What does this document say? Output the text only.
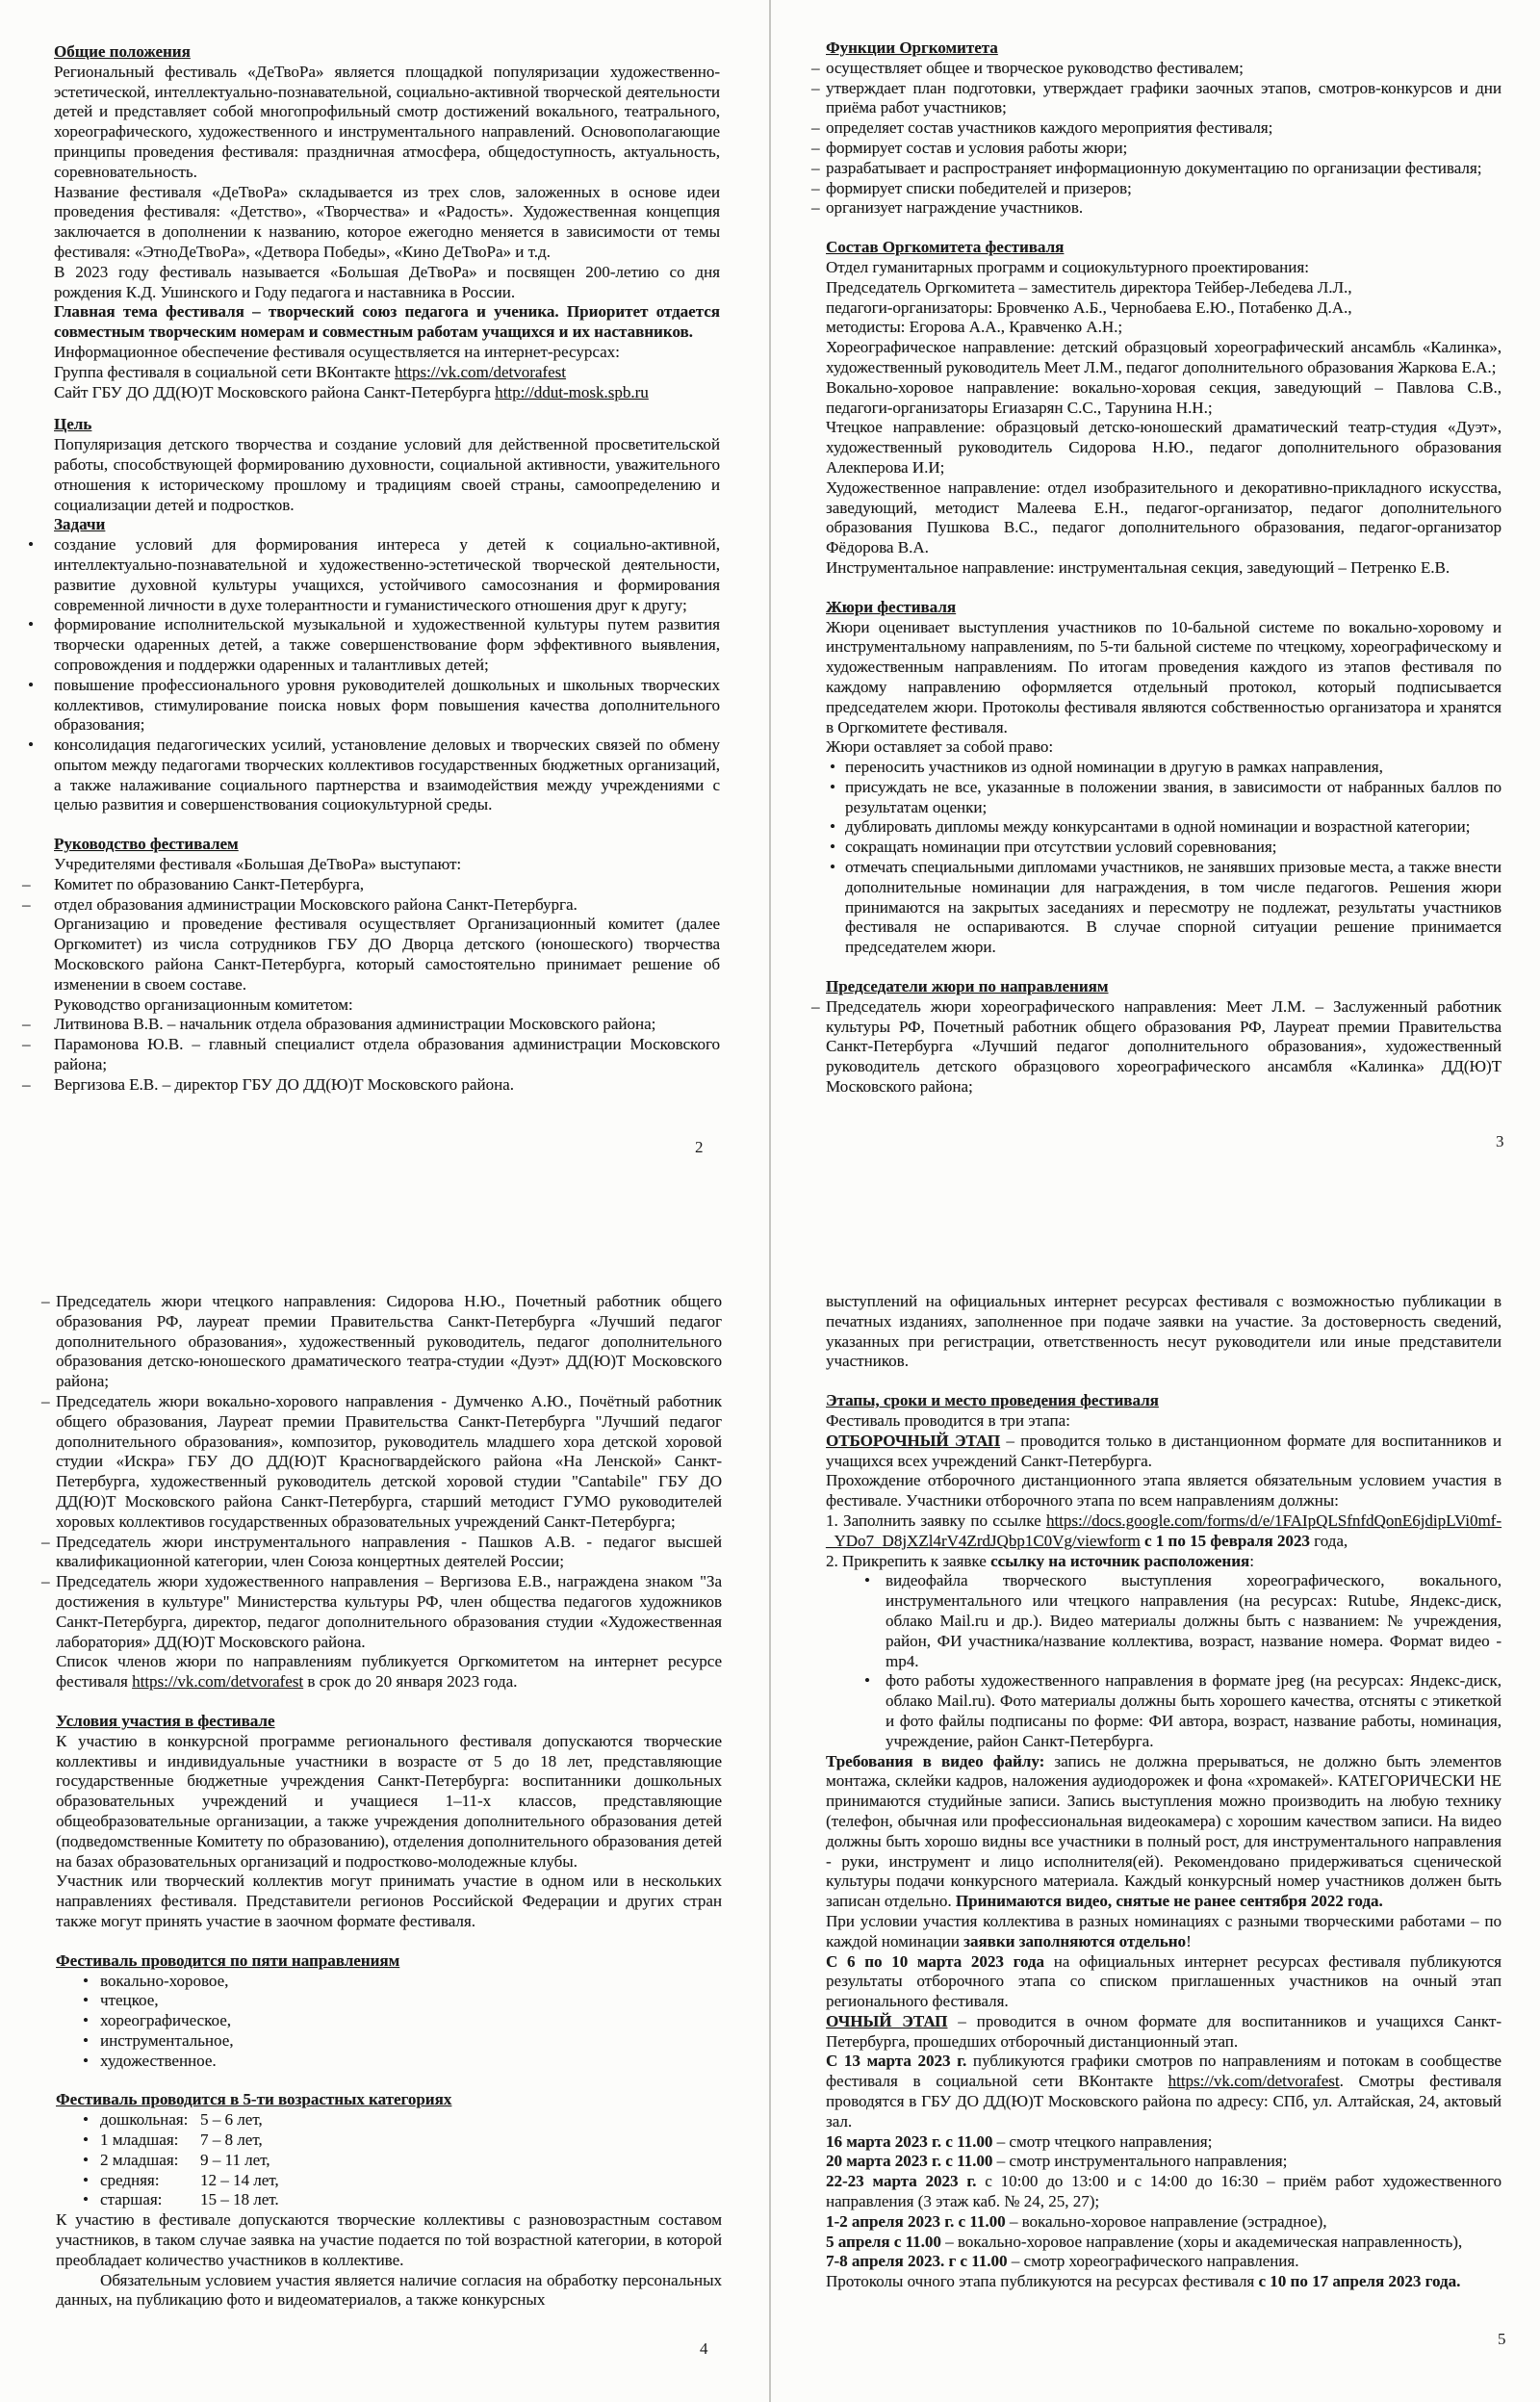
Общие положения

Региональный фестиваль «ДеТвоРа» является площадкой популяризации художественно-эстетической, интеллектуально-познавательной, социально-активной творческой деятельности детей и представляет собой многопрофильный смотр достижений вокального, театрального, хореографического, художественного и инструментального направлений. Основополагающие принципы проведения фестиваля: праздничная атмосфера, общедоступность, актуальность, соревновательность.

Название фестиваля «ДеТвоРа» складывается из трех слов, заложенных в основе идеи проведения фестиваля: «Детство», «Творчества» и «Радость». Художественная концепция заключается в дополнении к названию, которое ежегодно меняется в зависимости от темы фестиваля: «ЭтноДеТвоРа», «Детвора Победы», «Кино ДеТвоРа» и т.д.

В 2023 году фестиваль называется «Большая ДеТвоРа» и посвящен 200-летию со дня рождения К.Д. Ушинского и Году педагога и наставника в России.

Главная тема фестиваля – творческий союз педагога и ученика. Приоритет отдается совместным творческим номерам и совместным работам учащихся и их наставников.

Информационное обеспечение фестиваля осуществляется на интернет-ресурсах:

Группа фестиваля в социальной сети ВКонтакте https://vk.com/detvorafest

Сайт ГБУ ДО ДД(Ю)Т Московского района Санкт-Петербурга http://ddut-mosk.spb.ru

Цель

Популяризация детского творчества и создание условий для действенной просветительской работы, способствующей формированию духовности, социальной активности, уважительного отношения к историческому прошлому и традициям своей страны, самоопределению и социализации детей и подростков.

Задачи
• создание условий для формирования интереса у детей к социально-активной, интеллектуально-познавательной и художественно-эстетической творческой деятельности, развитие духовной культуры учащихся, устойчивого самосознания и формирования современной личности в духе толерантности и гуманистического отношения друг к другу;
• формирование исполнительской музыкальной и художественной культуры путем развития творчески одаренных детей, а также совершенствование форм эффективного выявления, сопровождения и поддержки одаренных и талантливых детей;
• повышение профессионального уровня руководителей дошкольных и школьных творческих коллективов, стимулирование поиска новых форм повышения качества дополнительного образования;
• консолидация педагогических усилий, установление деловых и творческих связей по обмену опытом между педагогами творческих коллективов государственных бюджетных организаций, а также налаживание социального партнерства и взаимодействия между учреждениями с целью развития и совершенствования социокультурной среды.
Руководство фестивалем

Учредителями фестиваля «Большая ДеТвоРа» выступают:

– Комитет по образованию Санкт-Петербурга,
– отдел образования администрации Московского района Санкт-Петербурга.

Организацию и проведение фестиваля осуществляет Организационный комитет (далее Оргкомитет) из числа сотрудников ГБУ ДО Дворца детского (юношеского) творчества Московского района Санкт-Петербурга, который самостоятельно принимает решение об изменении в своем составе.

Руководство организационным комитетом:

– Литвинова В.В. – начальник отдела образования администрации Московского района;
– Парамонова Ю.В. – главный специалист отдела образования администрации Московского района;
– Вергизова Е.В. – директор ГБУ ДО ДД(Ю)Т Московского района.
Функции Оргкомитета
– осуществляет общее и творческое руководство фестивалем;
– утверждает план подготовки, утверждает графики заочных этапов, смотров-конкурсов и дни приёма работ участников;
– определяет состав участников каждого мероприятия фестиваля;
– формирует состав и условия работы жюри;
– разрабатывает и распространяет информационную документацию по организации фестиваля;
– формирует списки победителей и призеров;
– организует награждение участников.
Состав Оргкомитета фестиваля

Отдел гуманитарных программ и социокультурного проектирования:

Председатель Оргкомитета – заместитель директора Тейбер-Лебедева Л.Л.,

педагоги-организаторы: Бровченко А.Б., Чернобаева Е.Ю., Потабенко Д.А.,

методисты: Егорова А.А., Кравченко А.Н.;

Хореографическое направление: детский образцовый хореографический ансамбль «Калинка», художественный руководитель Меет Л.М., педагог дополнительного образования Жаркова Е.А.;

Вокально-хоровое направление: вокально-хоровая секция, заведующий – Павлова С.В., педагоги-организаторы Егиазарян С.С., Тарунина Н.Н.;

Чтецкое направление: образцовый детско-юношеский драматический театр-студия «Дуэт», художественный руководитель Сидорова Н.Ю., педагог дополнительного образования Алекперова И.И;

Художественное направление: отдел изобразительного и декоративно-прикладного искусства, заведующий, методист Малеева Е.Н., педагог-организатор, педагог дополнительного образования Пушкова В.С., педагог дополнительного образования, педагог-организатор Фёдорова В.А.

Инструментальное направление: инструментальная секция, заведующий – Петренко Е.В.

Жюри фестиваля

Жюри оценивает выступления участников по 10-бальной системе по вокально-хоровому и инструментальному направлениям, по 5-ти бальной системе по чтецкому, хореографическому и художественным направлениям. По итогам проведения каждого из этапов фестиваля по каждому направлению оформляется отдельный протокол, который подписывается председателем жюри. Протоколы фестиваля являются собственностью организатора и хранятся в Оргкомитете фестиваля.

Жюри оставляет за собой право:

• переносить участников из одной номинации в другую в рамках направления,
• присуждать не все, указанные в положении звания, в зависимости от набранных баллов по результатам оценки;
• дублировать дипломы между конкурсантами в одной номинации и возрастной категории;
• сокращать номинации при отсутствии условий соревнования;
• отмечать специальными дипломами участников, не занявших призовые места, а также внести дополнительные номинации для награждения, в том числе педагогов. Решения жюри принимаются на закрытых заседаниях и пересмотру не подлежат, результаты участников фестиваля не оспариваются. В случае спорной ситуации решение принимается председателем жюри.
Председатели жюри по направлениям
– Председатель жюри хореографического направления: Меет Л.М. – Заслуженный работник культуры РФ, Почетный работник общего образования РФ, Лауреат премии Правительства Санкт-Петербурга «Лучший педагог дополнительного образования», художественный руководитель детского образцового хореографического ансамбля «Калинка» ДД(Ю)Т Московского района;
– Председатель жюри чтецкого направления: Сидорова Н.Ю., Почетный работник общего образования РФ, лауреат премии Правительства Санкт-Петербурга «Лучший педагог дополнительного образования», художественный руководитель, педагог дополнительного образования детско-юношеского драматического театра-студии «Дуэт» ДД(Ю)Т Московского района;
– Председатель жюри вокально-хорового направления - Думченко А.Ю., Почётный работник общего образования, Лауреат премии Правительства Санкт-Петербурга "Лучший педагог дополнительного образования», композитор, руководитель младшего хора детской хоровой студии «Искра» ГБУ ДО ДД(Ю)Т Красногвардейского района «На Ленской» Санкт-Петербурга, художественный руководитель детской хоровой студии "Cantabile" ГБУ ДО ДД(Ю)Т Московского района Санкт-Петербурга, старший методист ГУМО руководителей хоровых коллективов государственных образовательных учреждений Санкт-Петербурга;
– Председатель жюри инструментального направления - Пашков А.В. - педагог высшей квалификационной категории, член Союза концертных деятелей России;
– Председатель жюри художественного направления – Вергизова Е.В., награждена знаком "За достижения в культуре" Министерства культуры РФ, член общества педагогов художников Санкт-Петербурга, директор, педагог дополнительного образования студии «Художественная лаборатория» ДД(Ю)Т Московского района.

Список членов жюри по направлениям публикуется Оргкомитетом на интернет ресурсе фестиваля https://vk.com/detvorafest в срок до 20 января 2023 года.

Условия участия в фестивале

К участию в конкурсной программе регионального фестиваля допускаются творческие коллективы и индивидуальные участники в возрасте от 5 до 18 лет, представляющие государственные бюджетные учреждения Санкт-Петербурга: воспитанники дошкольных образовательных учреждений и учащиеся 1–11-х классов, представляющие общеобразовательные организации, а также учреждения дополнительного образования детей (подведомственные Комитету по образованию), отделения дополнительного образования детей на базах образовательных организаций и подростково-молодежные клубы.

Участник или творческий коллектив могут принимать участие в одном или в нескольких направлениях фестиваля. Представители регионов Российской Федерации и других стран также могут принять участие в заочном формате фестиваля.

Фестиваль проводится по пяти направлениям
• вокально-хоровое,
• чтецкое,
• хореографическое,
• инструментальное,
• художественное.
Фестиваль проводится в 5-ти возрастных категориях
• дошкольная: 5 – 6 лет,
• 1 младшая:	7 – 8 лет,
• 2 младшая:	9 – 11 лет,
• средняя:	12 – 14 лет,
• старшая:	15 – 18 лет.

К участию в фестивале допускаются творческие коллективы с разновозрастным составом участников, в таком случае заявка на участие подается по той возрастной категории, в которой преобладает количество участников в коллективе.

Обязательным условием участия является наличие согласия на обработку персональных данных, на публикацию фото и видеоматериалов, а также конкурсных

выступлений на официальных интернет ресурсах фестиваля с возможностью публикации в печатных изданиях, заполненное при подаче заявки на участие. За достоверность сведений, указанных при регистрации, ответственность несут руководители или иные представители участников.

Этапы, сроки и место проведения фестиваля

Фестиваль проводится в три этапа:

ОТБОРОЧНЫЙ ЭТАП – проводится только в дистанционном формате для воспитанников и учащихся всех учреждений Санкт-Петербурга.

Прохождение отборочного дистанционного этапа является обязательным условием участия в фестивале. Участники отборочного этапа по всем направлениям должны:

1. Заполнить заявку по ссылке https://docs.google.com/forms/d/e/1FAIpQLSfnfdQonE6jdipLVi0mf-_YDo7_D8jXZl4rV4ZrdJQbp1C0Vg/viewform с 1 по 15 февраля 2023 года,

2. Прикрепить к заявке ссылку на источник расположения:

• видеофайла творческого выступления хореографического, вокального, инструментального или чтецкого направления (на ресурсах: Rutube, Яндекс-диск, облако Mail.ru и др.). Видео материалы должны быть с названием: № учреждения, район, ФИ участника/название коллектива, возраст, название номера. Формат видео - mp4.
• фото работы художественного направления в формате jpeg (на ресурсах: Яндекс-диск, облако Mail.ru). Фото материалы должны быть хорошего качества, отсняты с этикеткой и фото файлы подписаны по форме: ФИ автора, возраст, название работы, номинация, учреждение, район Санкт-Петербурга.

Требования в видео файлу: запись не должна прерываться, не должно быть элементов монтажа, склейки кадров, наложения аудиодорожек и фона «хромакей». КАТЕГОРИЧЕСКИ НЕ принимаются студийные записи. Запись выступления можно производить на любую технику (телефон, обычная или профессиональная видеокамера) с хорошим качеством записи. На видео должны быть хорошо видны все участники в полный рост, для инструментального направления - руки, инструмент и лицо исполнителя(ей). Рекомендовано придерживаться сценической культуры подачи конкурсного материала. Каждый конкурсный номер участников должен быть записан отдельно. Принимаются видео, снятые не ранее сентября 2022 года.

При условии участия коллектива в разных номинациях с разными творческими работами – по каждой номинации заявки заполняются отдельно!

С 6 по 10 марта 2023 года на официальных интернет ресурсах фестиваля публикуются результаты отборочного этапа со списком приглашенных участников на очный этап регионального фестиваля.

ОЧНЫЙ ЭТАП – проводится в очном формате для воспитанников и учащихся Санкт-Петербурга, прошедших отборочный дистанционный этап.

С 13 марта 2023 г. публикуются графики смотров по направлениям и потокам в сообществе фестиваля в социальной сети ВКонтакте https://vk.com/detvorafest. Смотры фестиваля проводятся в ГБУ ДО ДД(Ю)Т Московского района по адресу: СПб, ул. Алтайская, 24, актовый зал.

16 марта 2023 г. с 11.00 – смотр чтецкого направления;

20 марта 2023 г. с 11.00 – смотр инструментального направления;

22-23 марта 2023 г. с 10:00 до 13:00 и с 14:00 до 16:30 – приём работ художественного направления (3 этаж каб. № 24, 25, 27);

1-2 апреля 2023 г. с 11.00 – вокально-хоровое направление (эстрадное),

5 апреля с 11.00 – вокально-хоровое направление (хоры и академическая направленность),

7-8 апреля 2023. г с 11.00 – смотр хореографического направления.

Протоколы очного этапа публикуются на ресурсах фестиваля с 10 по 17 апреля 2023 года.

2	3
4
5
